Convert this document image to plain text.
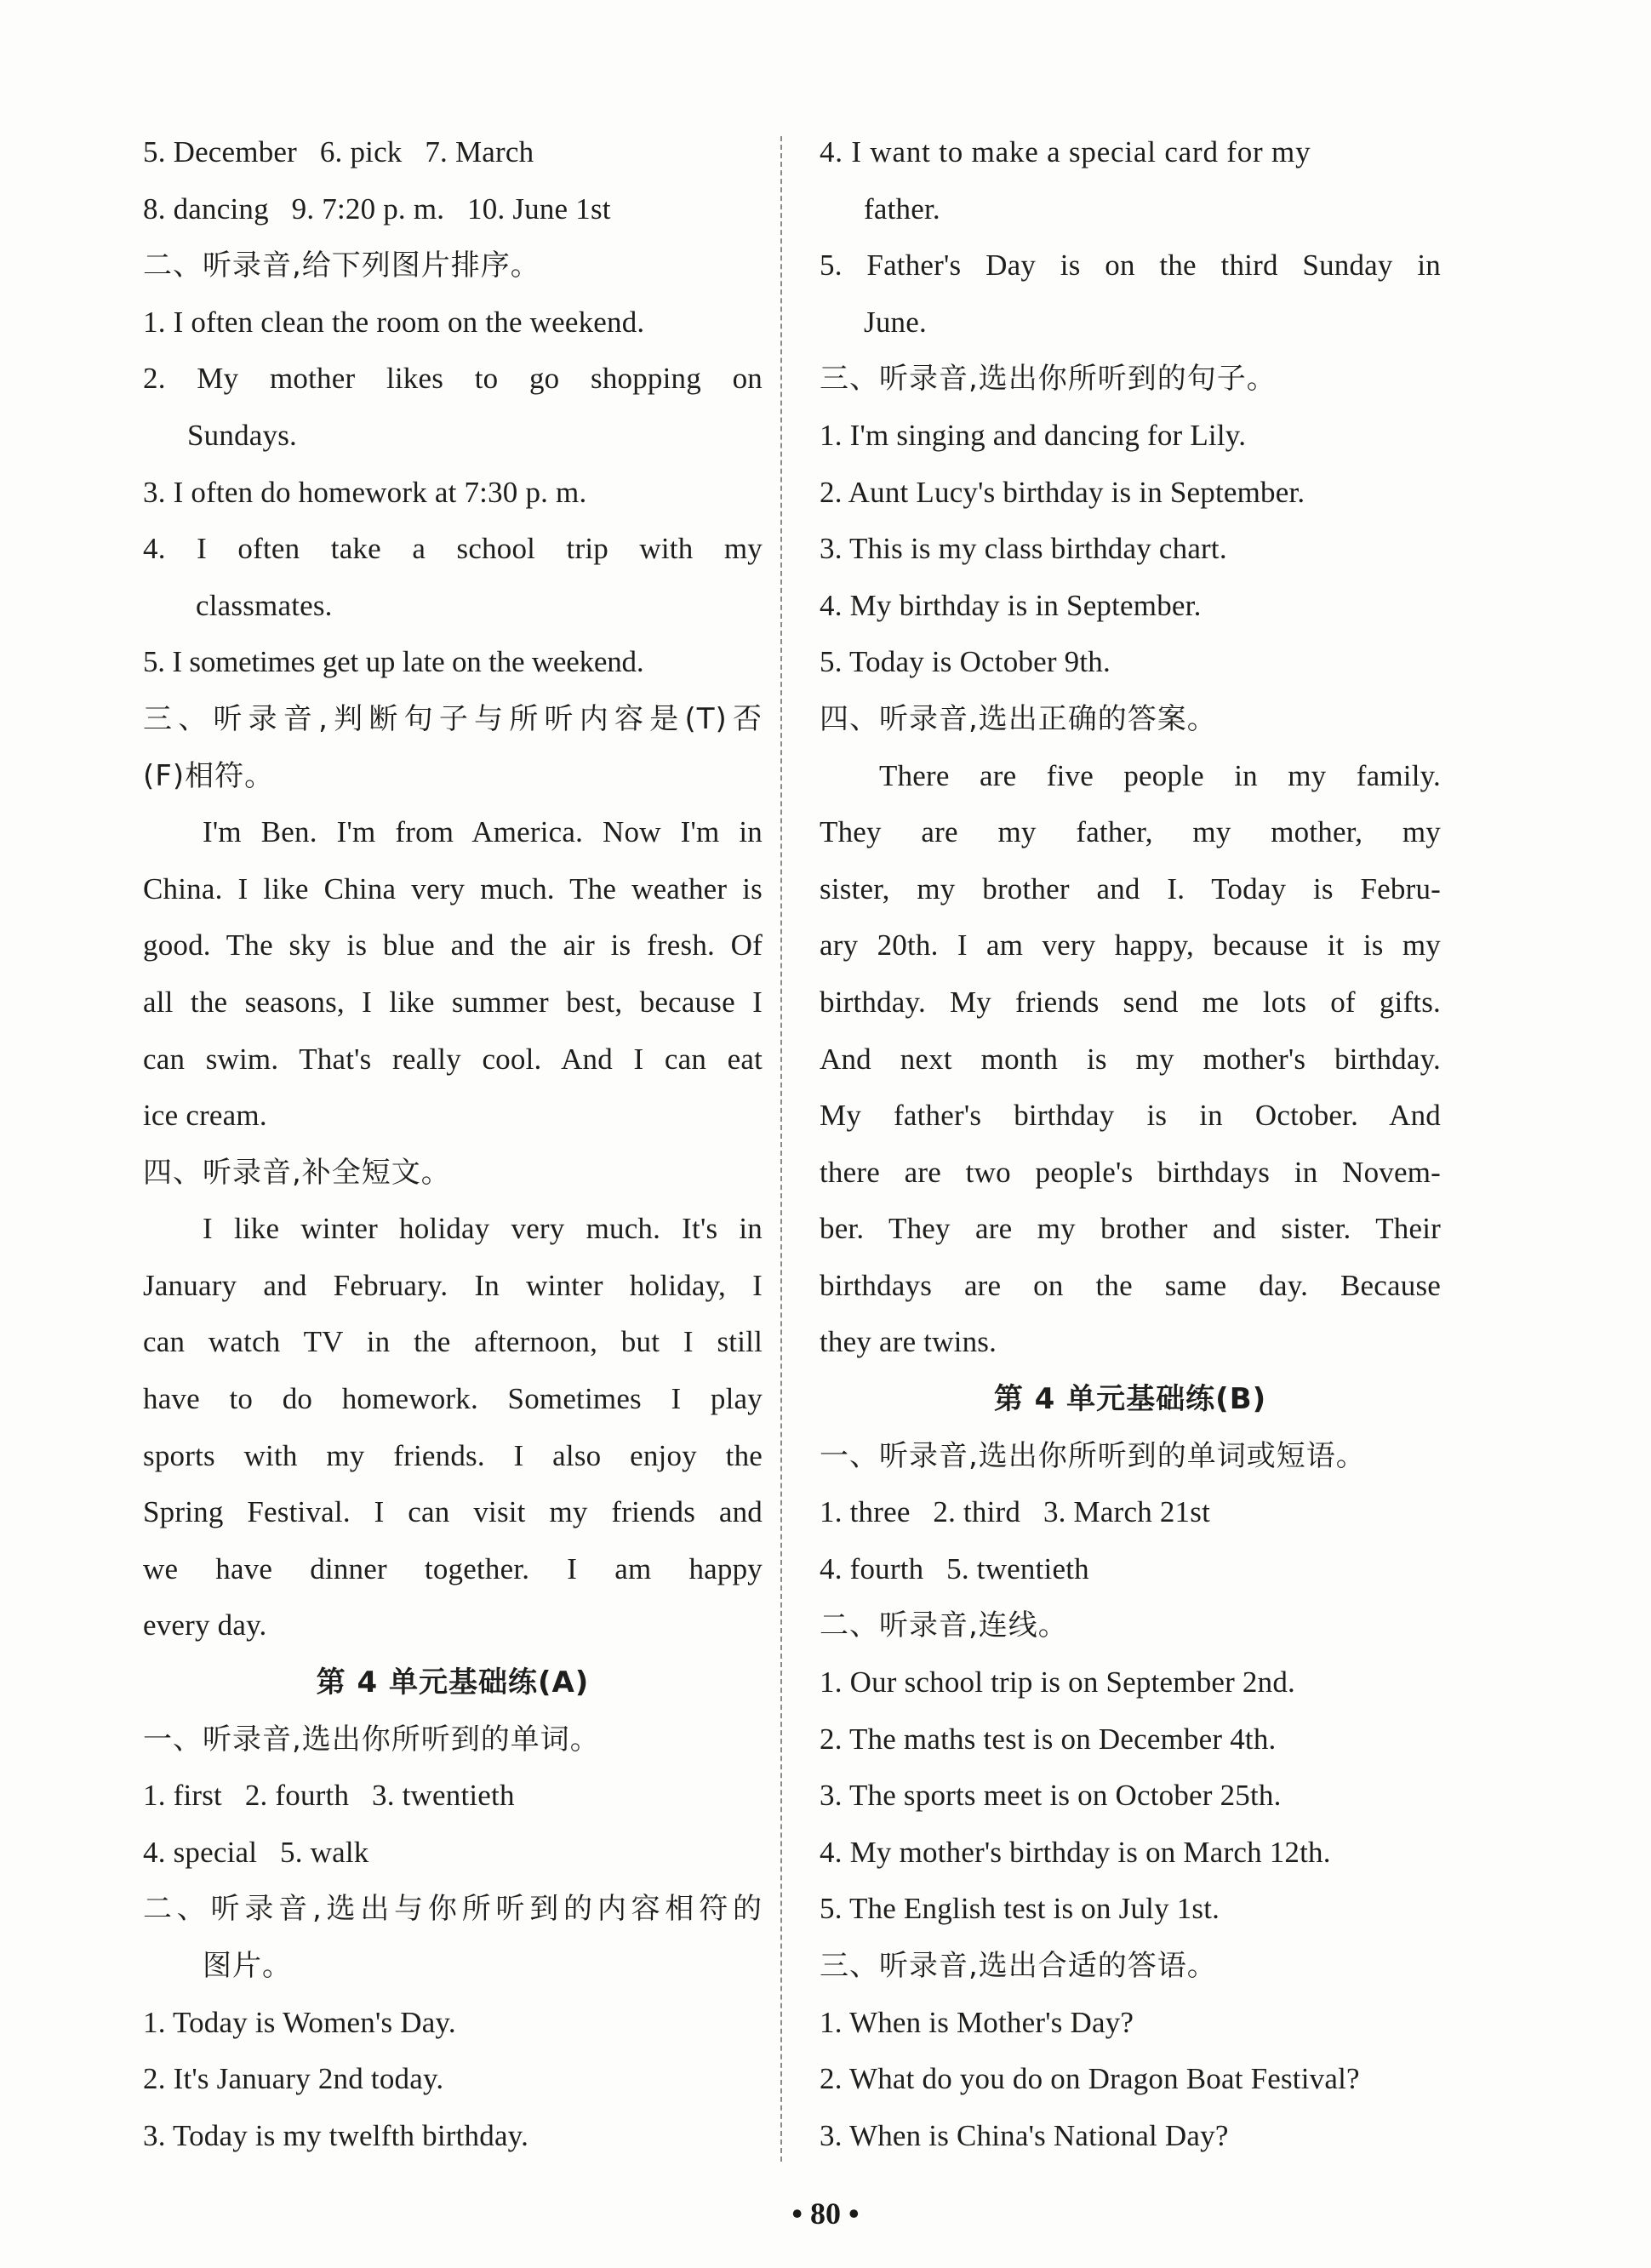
5. December   6. pick   7. March
8. dancing   9. 7:20 p. m.   10. June 1st
二、听录音,给下列图片排序。
1. I often clean the room on the weekend.
2. My mother likes to go shopping on
Sundays.
3. I often do homework at 7:30 p. m.
4. I often take a school trip with my
classmates.
5. I sometimes get up late on the weekend.
三、听录音,判断句子与所听内容是(T)否
(F)相符。
I'm Ben. I'm from America. Now I'm in
China. I like China very much. The weather is
good. The sky is blue and the air is fresh. Of
all the seasons, I like summer best, because I
can swim. That's really cool. And I can eat
ice cream.
四、听录音,补全短文。
I like winter holiday very much. It's in
January and February. In winter holiday, I
can watch TV in the afternoon, but I still
have to do homework. Sometimes I play
sports with my friends. I also enjoy the
Spring Festival. I can visit my friends and
we have dinner together. I am happy
every day.
第 4 单元基础练(A)
一、听录音,选出你所听到的单词。
1. first   2. fourth   3. twentieth
4. special   5. walk
二、听录音,选出与你所听到的内容相符的
图片。
1. Today is Women's Day.
2. It's January 2nd today.
3. Today is my twelfth birthday.
4. I want to make a special card for my
father.
5. Father's Day is on the third Sunday in
June.
三、听录音,选出你所听到的句子。
1. I'm singing and dancing for Lily.
2. Aunt Lucy's birthday is in September.
3. This is my class birthday chart.
4. My birthday is in September.
5. Today is October 9th.
四、听录音,选出正确的答案。
There are five people in my family.
They are my father, my mother, my
sister, my brother and I. Today is Febru-
ary 20th. I am very happy, because it is my
birthday. My friends send me lots of gifts.
And next month is my mother's birthday.
My father's birthday is in October. And
there are two people's birthdays in Novem-
ber. They are my brother and sister. Their
birthdays are on the same day. Because
they are twins.
第 4 单元基础练(B)
一、听录音,选出你所听到的单词或短语。
1. three   2. third   3. March 21st
4. fourth   5. twentieth
二、听录音,连线。
1. Our school trip is on September 2nd.
2. The maths test is on December 4th.
3. The sports meet is on October 25th.
4. My mother's birthday is on March 12th.
5. The English test is on July 1st.
三、听录音,选出合适的答语。
1. When is Mother's Day?
2. What do you do on Dragon Boat Festival?
3. When is China's National Day?
• 80 •
